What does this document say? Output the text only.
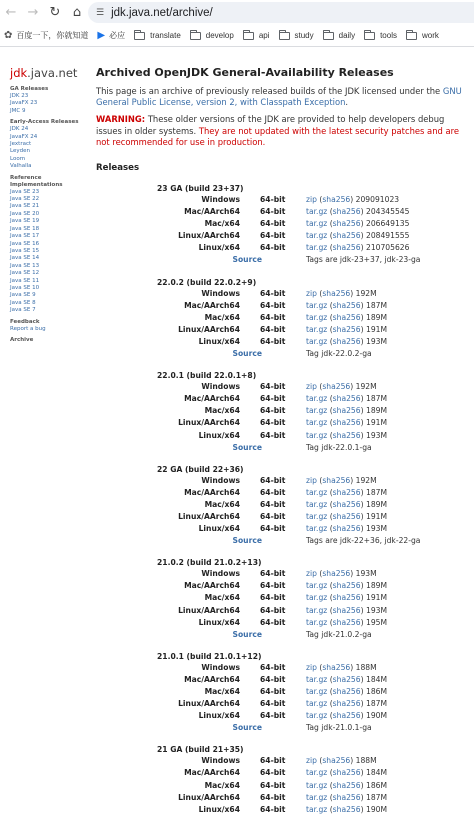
← → ↻ ⌂	☰ jdk.java.net/archive/
✿ 百度一下，你就知道 ▶ 必应	translate	develop	api	study	daily	tools	work
jdk.java.net
GA Releases
JDK 23
JavaFX 23
JMC 9
Early-Access Releases
JDK 24
JavaFX 24
Jextract
Leyden
Loom
Valhalla
Reference Implementations
Java SE 23
Java SE 22
Java SE 21
Java SE 20
Java SE 19
Java SE 18
Java SE 17
Java SE 16
Java SE 15
Java SE 14
Java SE 13
Java SE 12
Java SE 11
Java SE 10
Java SE 9
Java SE 8
Java SE 7
Feedback
Report a bug
Archive
Archived OpenJDK General-Availability Releases
This page is an archive of previously released builds of the JDK licensed under the GNU General Public License, version 2, with Classpath Exception.
WARNING: These older versions of the JDK are provided to help developers debug issues in older systems. They are not updated with the latest security patches and are not recommended for use in production.
Releases
23 GA (build 23+37)
Windows	64-bit	zip (sha256) 209091023
Mac/AArch64	64-bit	tar.gz (sha256) 204345545
Mac/x64	64-bit	tar.gz (sha256) 206649135
Linux/AArch64	64-bit	tar.gz (sha256) 208491555
Linux/x64	64-bit	tar.gz (sha256) 210705626
Source	Tags are jdk-23+37, jdk-23-ga
22.0.2 (build 22.0.2+9)
Windows	64-bit	zip (sha256) 192M
Mac/AArch64	64-bit	tar.gz (sha256) 187M
Mac/x64	64-bit	tar.gz (sha256) 189M
Linux/AArch64	64-bit	tar.gz (sha256) 191M
Linux/x64	64-bit	tar.gz (sha256) 193M
Source	Tag jdk-22.0.2-ga
22.0.1 (build 22.0.1+8)
Windows	64-bit	zip (sha256) 192M
Mac/AArch64	64-bit	tar.gz (sha256) 187M
Mac/x64	64-bit	tar.gz (sha256) 189M
Linux/AArch64	64-bit	tar.gz (sha256) 191M
Linux/x64	64-bit	tar.gz (sha256) 193M
Source	Tag jdk-22.0.1-ga
22 GA (build 22+36)
Windows	64-bit	zip (sha256) 192M
Mac/AArch64	64-bit	tar.gz (sha256) 187M
Mac/x64	64-bit	tar.gz (sha256) 189M
Linux/AArch64	64-bit	tar.gz (sha256) 191M
Linux/x64	64-bit	tar.gz (sha256) 193M
Source	Tags are jdk-22+36, jdk-22-ga
21.0.2 (build 21.0.2+13)
Windows	64-bit	zip (sha256) 193M
Mac/AArch64	64-bit	tar.gz (sha256) 189M
Mac/x64	64-bit	tar.gz (sha256) 191M
Linux/AArch64	64-bit	tar.gz (sha256) 193M
Linux/x64	64-bit	tar.gz (sha256) 195M
Source	Tag jdk-21.0.2-ga
21.0.1 (build 21.0.1+12)
Windows	64-bit	zip (sha256) 188M
Mac/AArch64	64-bit	tar.gz (sha256) 184M
Mac/x64	64-bit	tar.gz (sha256) 186M
Linux/AArch64	64-bit	tar.gz (sha256) 187M
Linux/x64	64-bit	tar.gz (sha256) 190M
Source	Tag jdk-21.0.1-ga
21 GA (build 21+35)
Windows	64-bit	zip (sha256) 188M
Mac/AArch64	64-bit	tar.gz (sha256) 184M
Mac/x64	64-bit	tar.gz (sha256) 186M
Linux/AArch64	64-bit	tar.gz (sha256) 187M
Linux/x64	64-bit	tar.gz (sha256) 190M
